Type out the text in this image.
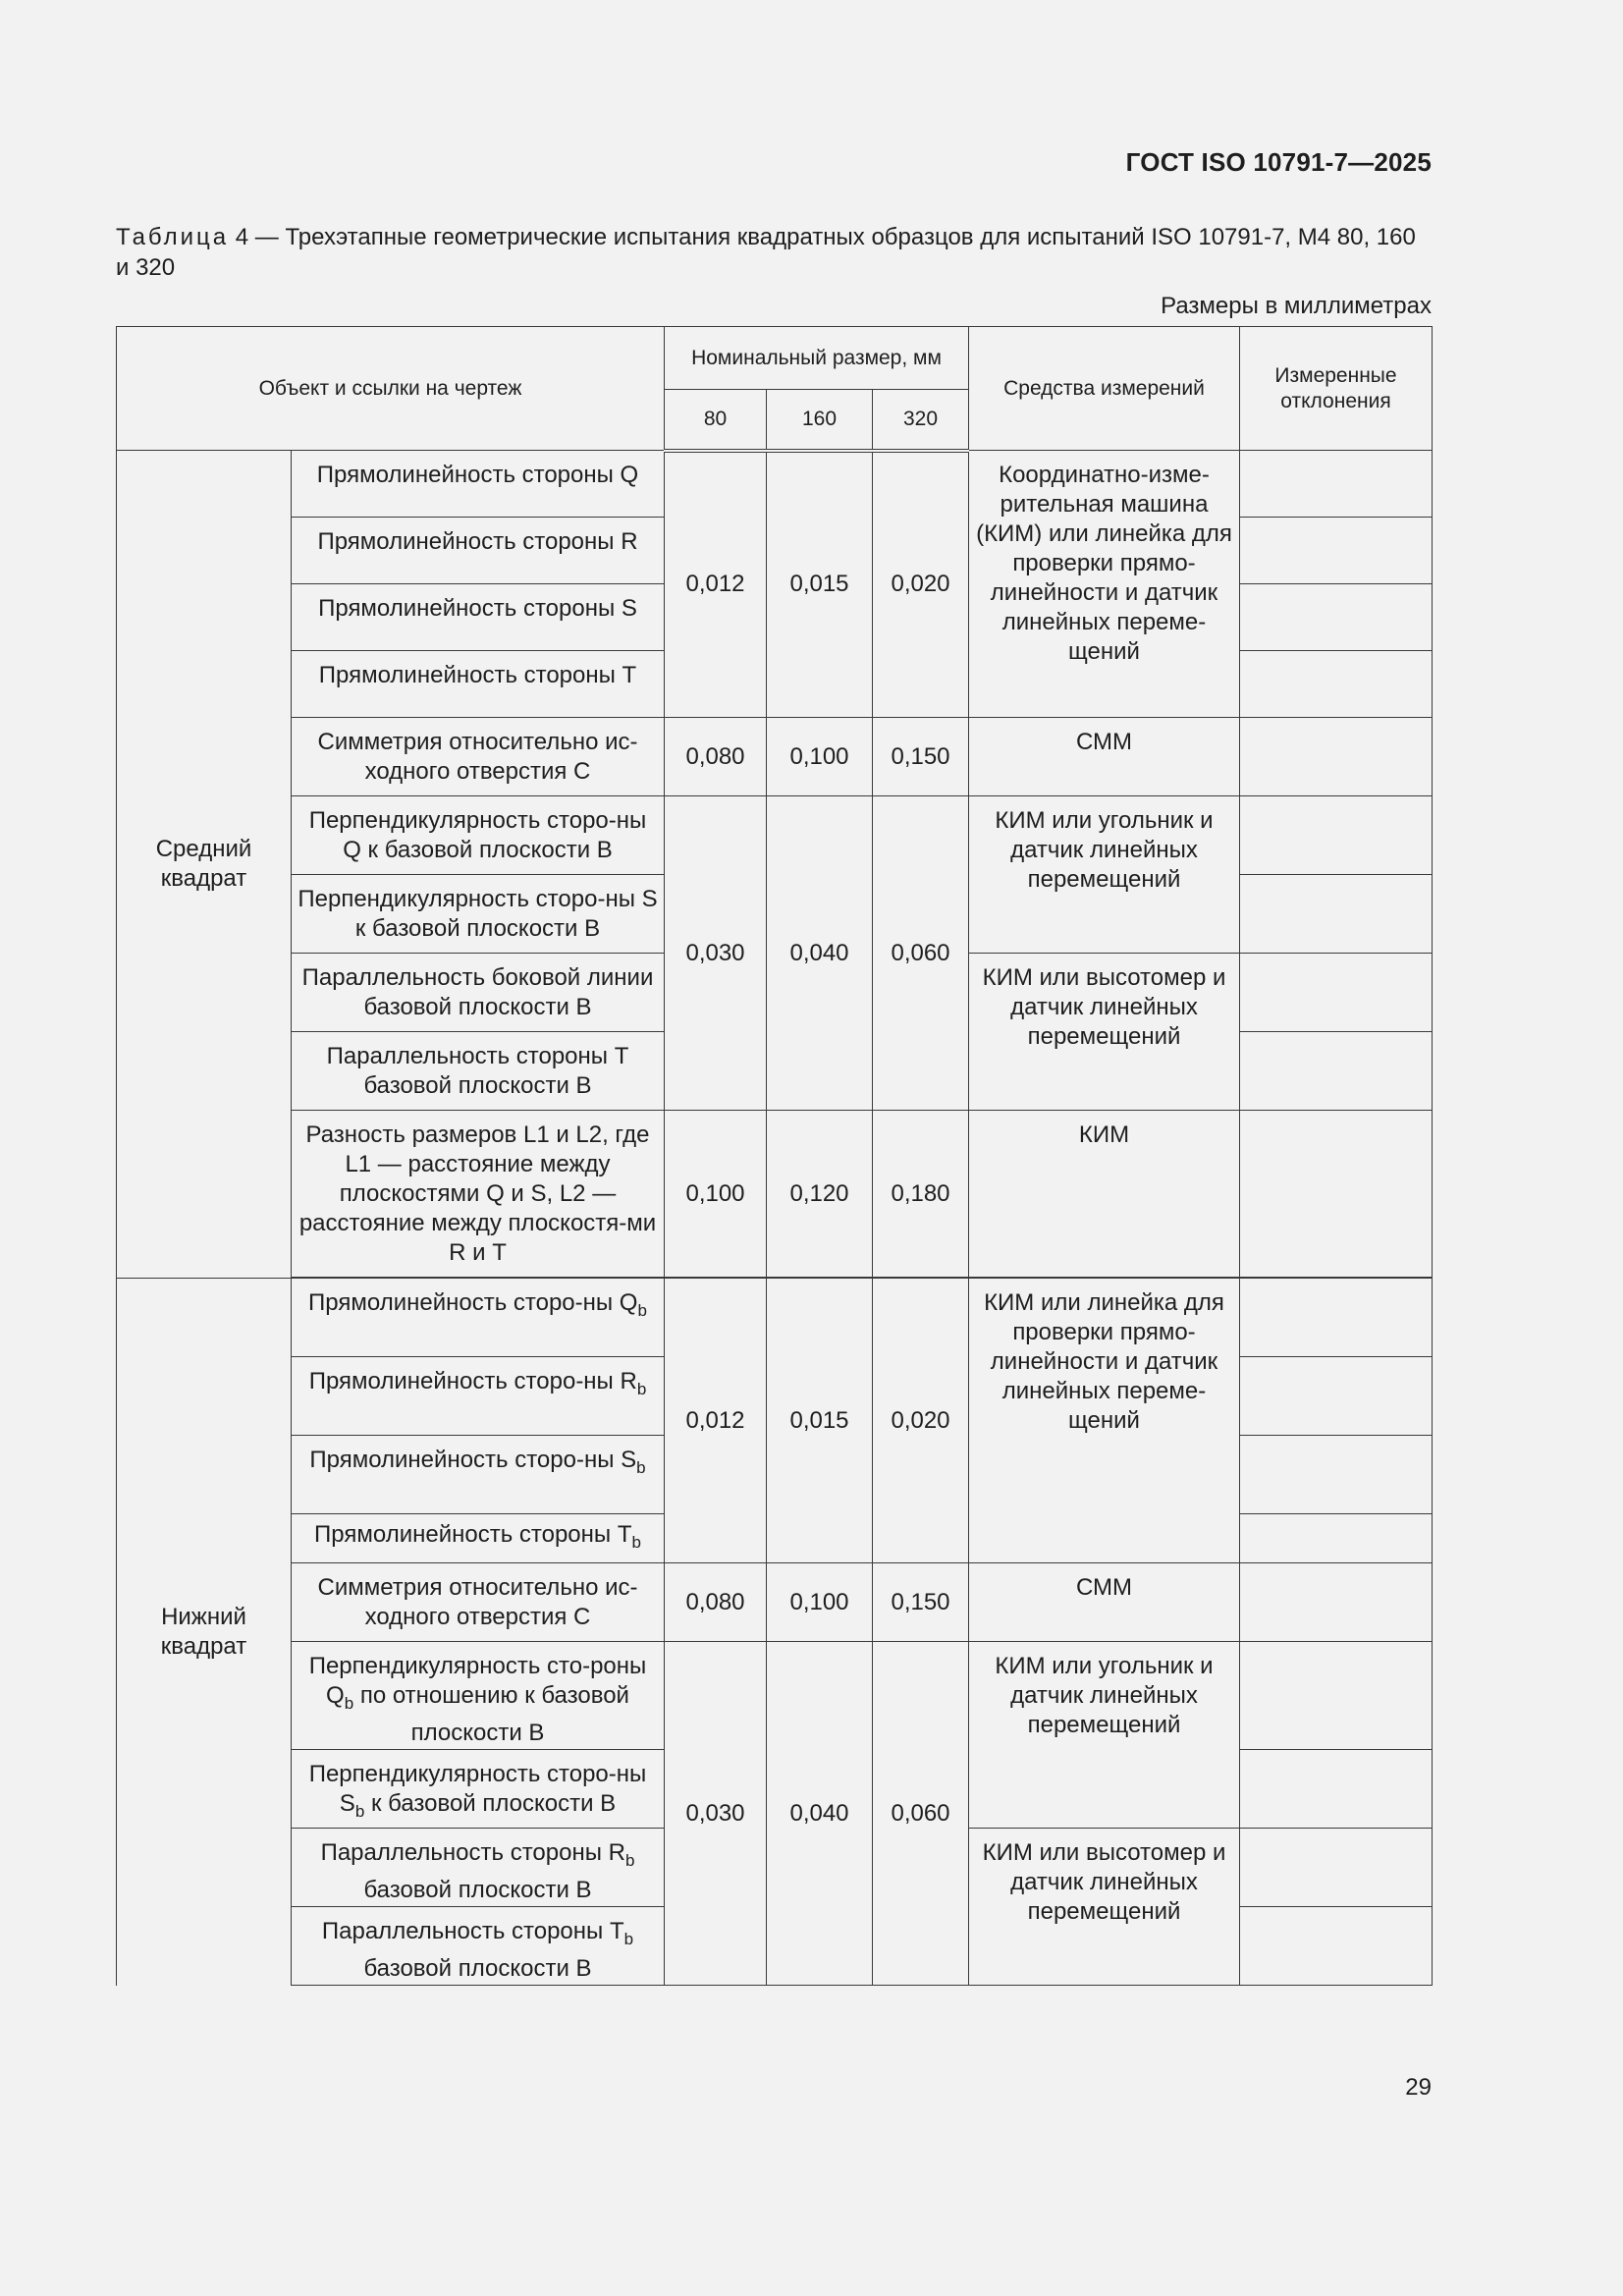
ГОСТ ISO 10791-7—2025
Таблица 4 — Трехэтапные геометрические испытания квадратных образцов для испытаний ISO 10791-7, М4 80, 160 и 320
Размеры в миллиметрах
Объект и ссылки на чертеж		Номинальный размер, мм			Средства измерений	Измеренные отклонения
		80	160	320		
Средний квадрат	Прямолинейность стороны Q	0,012	0,015	0,020	Координатно-изме-рительная машина (КИМ) или линейка для проверки прямо-линейности и датчик линейных переме-щений	
	Прямолинейность стороны R					
	Прямолинейность стороны S					
	Прямолинейность стороны T					
	Симметрия относительно ис-ходного отверстия С	0,080	0,100	0,150	СММ	
	Перпендикулярность сторо-ны Q к базовой плоскости В	0,030	0,040	0,060	КИМ или угольник и датчик линейных перемещений	
	Перпендикулярность сторо-ны S к базовой плоскости В					
	Параллельность боковой линии базовой плоскости В				КИМ или высотомер и датчик линейных перемещений	
	Параллельность стороны T базовой плоскости В					
	Разность размеров L1 и L2, где L1 — расстояние между плоскостями Q и S, L2 — расстояние между плоскостя-ми R и T	0,100	0,120	0,180	КИМ	

Нижний квадрат	Прямолинейность сторо-ны $Q_b$	0,012	0,015	0,020	КИМ или линейка для проверки прямо-линейности и датчик линейных переме-щений	
	Прямолинейность сторо-ны $R_b$	
	Прямолинейность сторо-ны $S_b$	
	Прямолинейность стороны $T_b$	
	Симметрия относительно ис-ходного отверстия С	0,080	0,100	0,150	СММ	
	Перпендикулярность сто-роны $Q_b$ по отношению к базовой плоскости В	0,030	0,040	0,060	КИМ или угольник и датчик линейных перемещений	
	Перпендикулярность сторо-ны $S_b$ к базовой плоскости В					
	Параллельность стороны $R_b$ базовой плоскости В				КИМ или высотомер и датчик линейных перемещений	
	Параллельность стороны $T_b$ базовой плоскости В					
29
